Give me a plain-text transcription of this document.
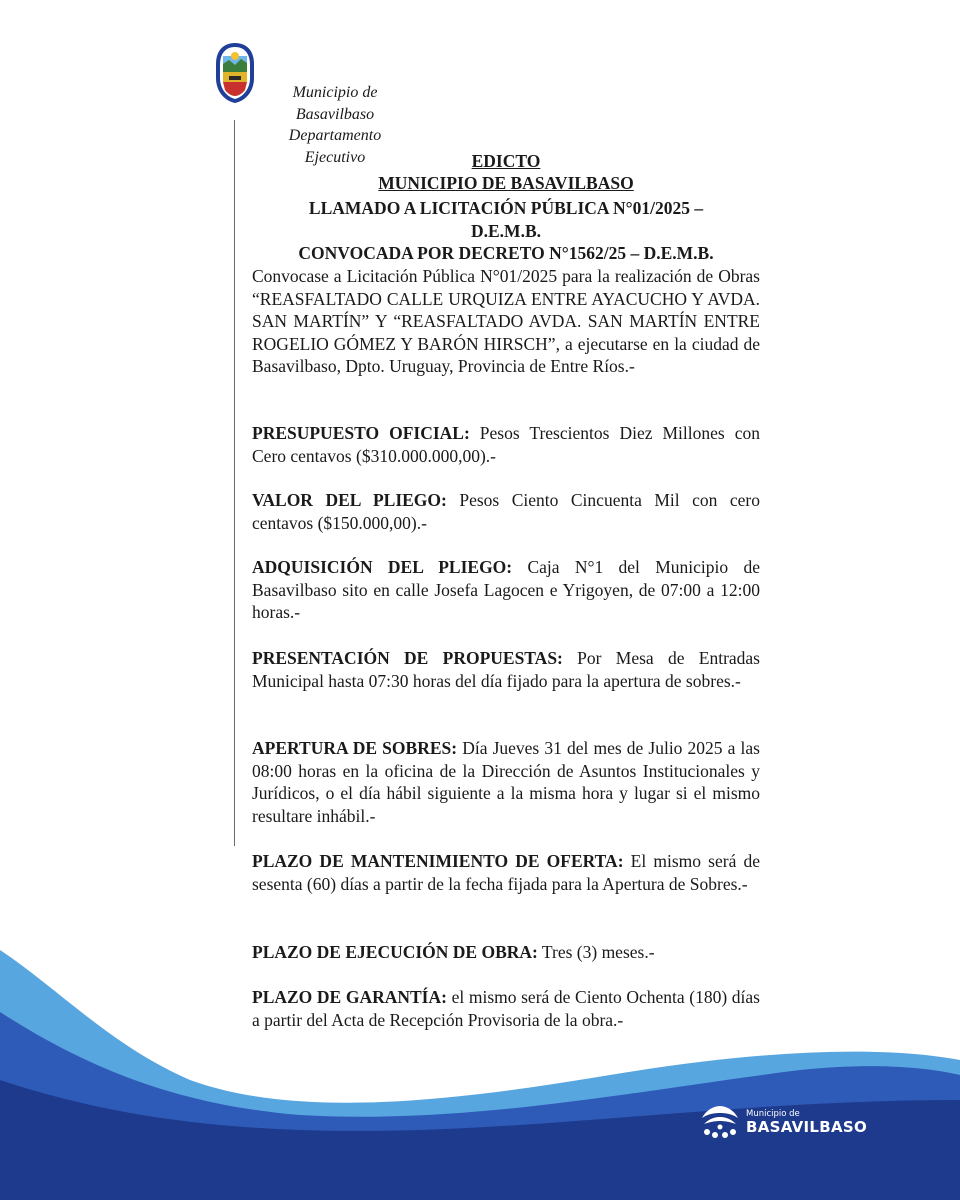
Municipio de
Basavilbaso
Departamento
Ejecutivo	EDICTO
MUNICIPIO DE BASAVILBASO
LLAMADO A LICITACIÓN PÚBLICA N°01/2025 –
D.E.M.B.
CONVOCADA POR DECRETO N°1562/25 – D.E.M.B.
Convocase a Licitación Pública N°01/2025 para la realización de Obras “REASFALTADO CALLE URQUIZA ENTRE AYACUCHO Y AVDA. SAN MARTÍN” Y “REASFALTADO AVDA. SAN MARTÍN ENTRE ROGELIO GÓMEZ Y BARÓN HIRSCH”, a ejecutarse en la ciudad de Basavilbaso, Dpto. Uruguay, Provincia de Entre Ríos.-
PRESUPUESTO OFICIAL: Pesos Trescientos Diez Millones con Cero centavos ($310.000.000,00).-
VALOR DEL PLIEGO: Pesos Ciento Cincuenta Mil con cero centavos ($150.000,00).-
ADQUISICIÓN DEL PLIEGO: Caja N°1 del Municipio de Basavilbaso sito en calle Josefa Lagocen e Yrigoyen, de 07:00 a 12:00 horas.-
PRESENTACIÓN DE PROPUESTAS: Por Mesa de Entradas Municipal hasta 07:30 horas del día fijado para la apertura de sobres.-
APERTURA DE SOBRES: Día Jueves 31 del mes de Julio 2025 a las 08:00 horas en la oficina de la Dirección de Asuntos Institucionales y Jurídicos, o el día hábil siguiente a la misma hora y lugar si el mismo resultare inhábil.-
PLAZO DE MANTENIMIENTO DE OFERTA: El mismo será de sesenta (60) días a partir de la fecha fijada para la Apertura de Sobres.-
PLAZO DE EJECUCIÓN DE OBRA: Tres (3) meses.-
PLAZO DE GARANTÍA: el mismo será de Ciento Ochenta (180) días a partir del Acta de Recepción Provisoria de la obra.-
Municipio de
BASAVILBASO
